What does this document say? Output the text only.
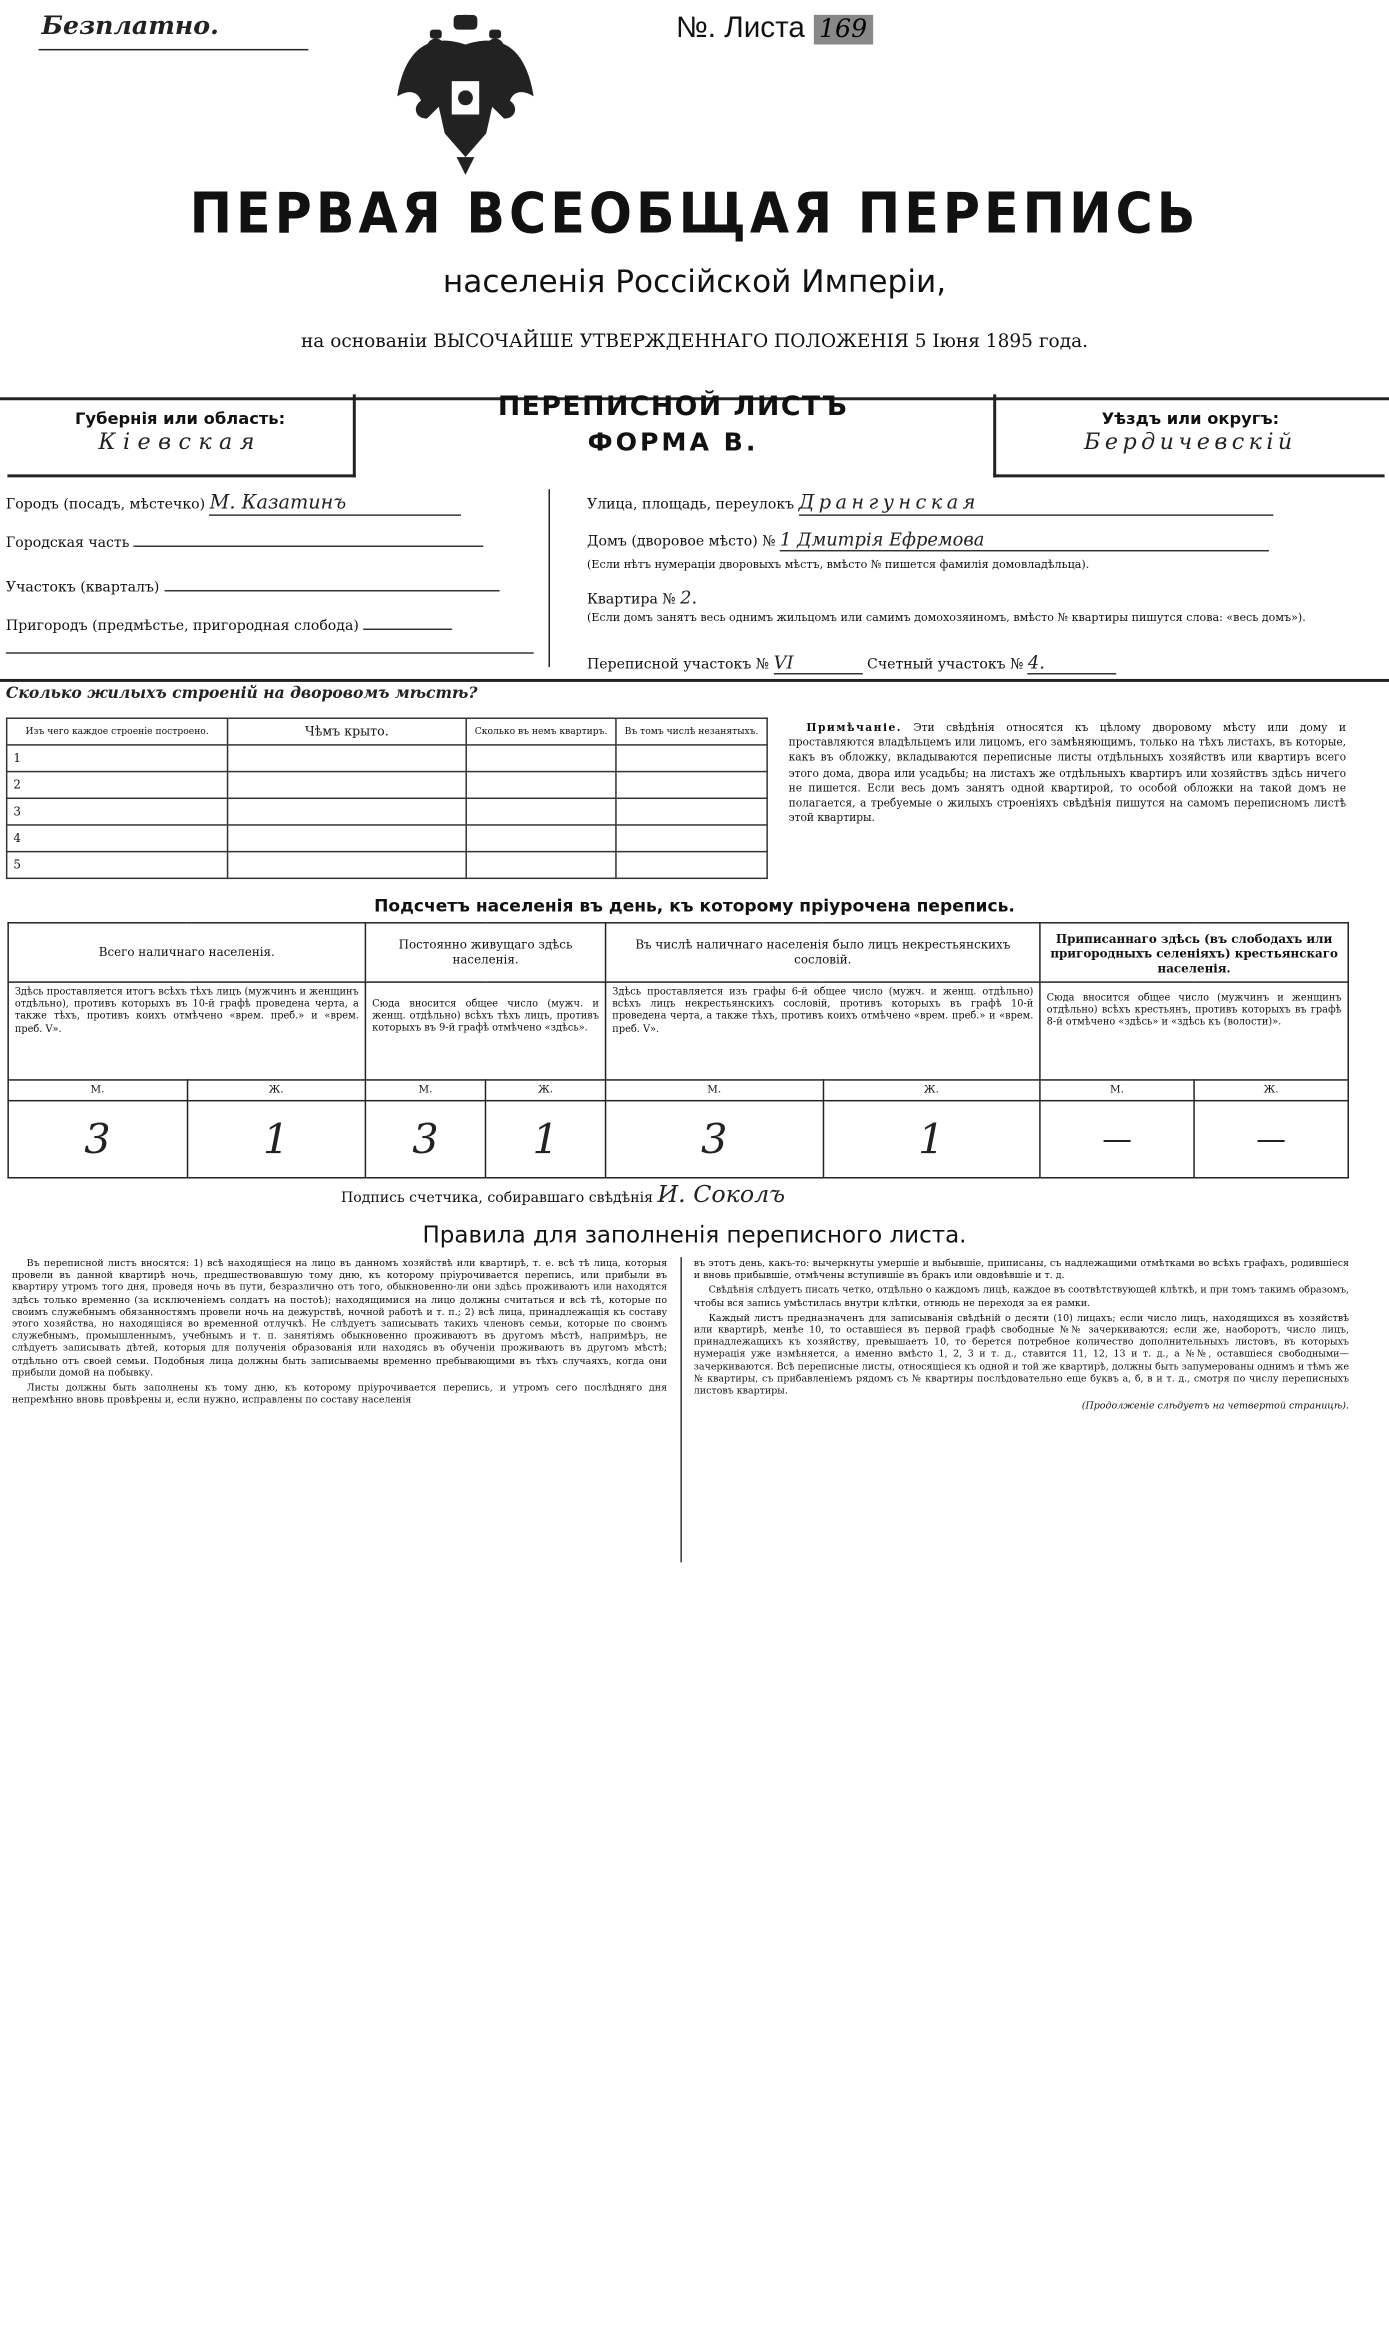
Безплатно.	№. Листа 169
ПЕРВАЯ ВСЕОБЩАЯ ПЕРЕПИСЬ
населенія Россійской Имперіи,
на основаніи ВЫСОЧАЙШЕ УТВЕРЖДЕННАГО ПОЛОЖЕНІЯ 5 Іюня 1895 года.
Губернія или область:
Кіевская
ПЕРЕПИСНОЙ ЛИСТЪ
ФОРМА В.
Уѣздъ или округъ:
Бердичевскій
Городъ (посадъ, мѣстечко) М. Казатинъ
Городская часть
Участокъ (кварталъ)
Пригородъ (предмѣстье, пригородная слобода)
Улица, площадь, переулокъ Дрангунская
Домъ (дворовое мѣсто) № 1 Дмитрія Ефремова
(Если нѣтъ нумераціи дворовыхъ мѣстъ, вмѣсто № пишется фамилія домовладѣльца).
Квартира № 2.
(Если домъ занятъ весь однимъ жильцомъ или самимъ домохозяиномъ, вмѣсто № квартиры пишутся слова: «весь домъ»).
Переписной участокъ № VI	Счетный участокъ № 4.
Сколько жилыхъ строеній на дворовомъ мѣстѣ?
Изъ чего каждое строеніе построено.	Чѣмъ крыто.	Сколько въ немъ квартиръ.	Въ томъ числѣ незанятыхъ.
1			
2			
3			
4			
5			
Примѣчаніе. Эти свѣдѣнія относятся къ цѣлому дворовому мѣсту или дому и проставляются владѣльцемъ или лицомъ, его замѣняющимъ, только на тѣхъ листахъ, въ которые, какъ въ обложку, вкладываются переписные листы отдѣльныхъ хозяйствъ или квартиръ всего этого дома, двора или усадьбы; на листахъ же отдѣльныхъ квартиръ или хозяйствъ здѣсь ничего не пишется. Если весь домъ занятъ одной квартирой, то особой обложки на такой домъ не полагается, а требуемые о жилыхъ строеніяхъ свѣдѣнія пишутся на самомъ переписномъ листѣ этой квартиры.
Подсчетъ населенія въ день, къ которому пріурочена перепись.
Всего наличнаго населенія.		Постоянно живущаго здѣсь населенія.		Въ числѣ наличнаго населенія было лицъ некрестьянскихъ сословій.		Приписаннаго здѣсь (въ слободахъ или пригородныхъ селеніяхъ) крестьянскаго населенія.	
Здѣсь проставляется итогъ всѣхъ тѣхъ лицъ (мужчинъ и женщинъ отдѣльно), противъ которыхъ въ 10-й графѣ проведена черта, а также тѣхъ, противъ коихъ отмѣчено «врем. преб.» и «врем. преб. V».		Сюда вносится общее число (мужч. и женщ. отдѣльно) всѣхъ тѣхъ лицъ, противъ которыхъ въ 9-й графѣ отмѣчено «здѣсь».		Здѣсь проставляется изъ графы 6-й общее число (мужч. и женщ. отдѣльно) всѣхъ лицъ некрестьянскихъ сословій, противъ которыхъ въ графѣ 10-й проведена черта, а также тѣхъ, противъ коихъ отмѣчено «врем. преб.» и «врем. преб. V».		Сюда вносится общее число (мужчинъ и женщинъ отдѣльно) всѣхъ крестьянъ, противъ которыхъ въ графѣ 8-й отмѣчено «здѣсь» и «здѣсь къ (волости)».	
М.	Ж.	М.	Ж.	М.	Ж.	М.	Ж.
3	1	3	1	3	1	—	—
Подпись счетчика, собиравшаго свѣдѣнія И. Соколъ
Правила для заполненія переписного листа.

Въ переписной листъ вносятся: 1) всѣ находящіеся на лицо въ данномъ хозяйствѣ или квартирѣ, т. е. всѣ тѣ лица, которыя провели въ данной квартирѣ ночь, предшествовавшую тому дню, къ которому пріурочивается перепись, или прибыли въ квартиру утромъ того дня, проведя ночь въ пути, безразлично отъ того, обыкновенно-ли они здѣсь проживаютъ или находятся здѣсь только временно (за исключеніемъ солдатъ на постоѣ); находящимися на лицо должны считаться и всѣ тѣ, которые по своимъ служебнымъ обязанностямъ провели ночь на дежурствѣ, ночной работѣ и т. п.; 2) всѣ лица, принадлежащія къ составу этого хозяйства, но находящіяся во временной отлучкѣ. Не слѣдуетъ записывать такихъ членовъ семьи, которые по своимъ служебнымъ, промышленнымъ, учебнымъ и т. п. занятіямъ обыкновенно проживаютъ въ другомъ мѣстѣ, напримѣръ, не слѣдуетъ записывать дѣтей, которыя для полученія образованія или находясь въ обученіи проживаютъ въ другомъ мѣстѣ; отдѣльно отъ своей семьи. Подобныя лица должны быть записываемы временно пребывающими въ тѣхъ случаяхъ, когда они прибыли домой на побывку.

Листы должны быть заполнены къ тому дню, къ которому пріурочивается перепись, и утромъ сего послѣдняго дня непремѣнно вновь провѣрены и, если нужно, исправлены по составу населенія

въ этотъ день, какъ-то: вычеркнуты умершіе и выбывшіе, приписаны, съ надлежащими отмѣтками во всѣхъ графахъ, родившіеся и вновь прибывшіе, отмѣчены вступившіе въ бракъ или овдовѣвшіе и т. д.

Свѣдѣнія слѣдуетъ писать четко, отдѣльно о каждомъ лицѣ, каждое въ соотвѣтствующей клѣткѣ, и при томъ такимъ образомъ, чтобы вся запись умѣстилась внутри клѣтки, отнюдь не переходя за ея рамки.

Каждый листъ предназначенъ для записыванія свѣдѣній о десяти (10) лицахъ; если число лицъ, находящихся въ хозяйствѣ или квартирѣ, менѣе 10, то оставшіеся въ первой графѣ свободные №№ зачеркиваются; если же, наоборотъ, число лицъ, принадлежащихъ къ хозяйству, превышаетъ 10, то берется потребное количество дополнительныхъ листовъ, въ которыхъ нумерація уже измѣняется, а именно вмѣсто 1, 2, 3 и т. д., ставится 11, 12, 13 и т. д., а №№, оставшіеся свободными—зачеркиваются. Всѣ переписные листы, относящіеся къ одной и той же квартирѣ, должны быть запумерованы однимъ и тѣмъ же № квартиры, съ прибавленіемъ рядомъ съ № квартиры послѣдовательно еще буквъ а, б, в и т. д., смотря по числу переписныхъ листовъ квартиры.

(Продолженіе слѣдуетъ на четвертой страницѣ).
